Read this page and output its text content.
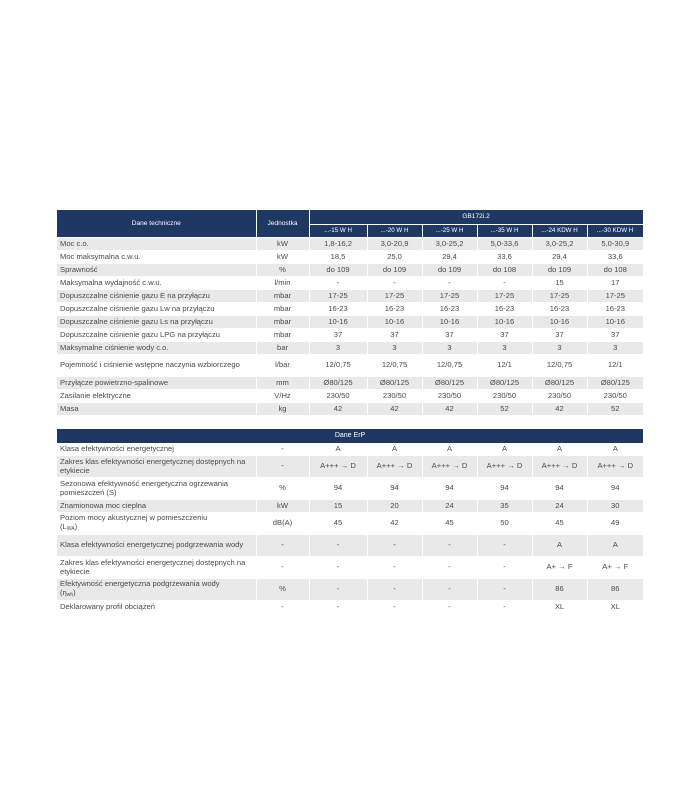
Dane techniczne	Jednostka	GB172i.2					
		...-15 W H	...-20 W H	...-25 W H	...-35 W H	...-24 KDW H	...-30 KDW H
Moc c.o.	kW	1,8-16,2	3,0-20,9	3,0-25,2	5,0-33,6	3,0-25,2	5,0-30,9
Moc maksymalna c.w.u.	kW	18,5	25,0	29,4	33,6	29,4	33,6
Sprawność	%	do 109	do 109	do 109	do 108	do 109	do 108
Maksymalna wydajność c.w.u.	l/min	-	-	-	-	15	17
Dopuszczalne ciśnienie gazu E na przyłączu	mbar	17-25	17-25	17-25	17-25	17-25	17-25
Dopuszczalne ciśnienie gazu Lw na przyłączu	mbar	16-23	16-23	16-23	16-23	16-23	16-23
Dopuszczalne ciśnienie gazu Ls na przyłączu	mbar	10-16	10-16	10-16	10-16	10-16	10-16
Dopuszczalne ciśnienie gazu LPG na przyłączu	mbar	37	37	37	37	37	37
Maksymalne ciśnienie wody c.o.	bar	3	3	3	3	3	3
Pojemność i ciśnienie wstępne naczynia wzbiorczego	l/bar	12/0,75	12/0,75	12/0,75	12/1	12/0,75	12/1
Przyłącze powietrzno-spalinowe	mm	Ø80/125	Ø80/125	Ø80/125	Ø80/125	Ø80/125	Ø80/125
Zasilanie elektryczne	V/Hz	230/50	230/50	230/50	230/50	230/50	230/50
Masa	kg	42	42	42	52	42	52

Dane ErP							
Klasa efektywności energetycznej	-	A	A	A	A	A	A
Zakres klas efektywności energetycznej dostępnych na etykiecie	-	A+++ → D	A+++ → D	A+++ → D	A+++ → D	A+++ → D	A+++ → D
Sezonowa efektywność energetyczna ogrzewania pomieszczeń (S)	%	94	94	94	94	94	94
Znamionowa moc cieplna	kW	15	20	24	35	24	30
Poziom mocy akustycznej w pomieszczeniu
$(L_{WA})$	dB(A)	45	42	45	50	45	49
Klasa efektywności energetycznej podgrzewania wody	-	-	-	-	-	A	A
Zakres klas efektywności energetycznej dostępnych na etykiecie	-	-	-	-	-	A+ → F	A+ → F
Efektywność energetyczna podgrzewania wody
$(\eta_{wh})$	%	-	-	-	-	86	86
Deklarowany profil obciążeń	-	-	-	-	-	XL	XL
